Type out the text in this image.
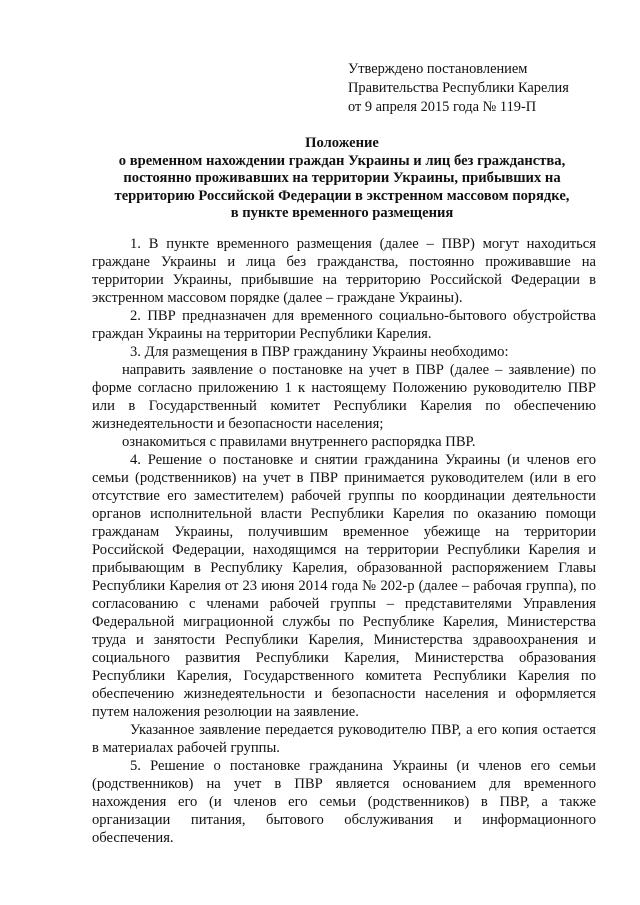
Утверждено постановлением
Правительства Республики Карелия
от 9 апреля 2015 года № 119-П
Положение
о временном нахождении граждан Украины и лиц без гражданства,
постоянно проживавших на территории Украины, прибывших на
территорию Российской Федерации в экстренном массовом порядке,
в пункте временного размещения

1. В пункте временного размещения (далее – ПВР) могут находиться граждане Украины и лица без гражданства, постоянно проживавшие на территории Украины, прибывшие на территорию Российской Федерации в экстренном массовом порядке (далее – граждане Украины).

2. ПВР предназначен для временного социально-бытового обустройства граждан Украины на территории Республики Карелия.

3. Для размещения в ПВР гражданину Украины необходимо:

направить заявление о постановке на учет в ПВР (далее – заявление) по форме согласно приложению 1 к настоящему Положению руководителю ПВР или в Государственный комитет Республики Карелия по обеспечению жизнедеятельности и безопасности населения;

ознакомиться с правилами внутреннего распорядка ПВР.

4. Решение о постановке и снятии гражданина Украины (и членов его семьи (родственников) на учет в ПВР принимается руководителем (или в его отсутствие его заместителем) рабочей группы по координации деятельности органов исполнительной власти Республики Карелия по оказанию помощи гражданам Украины, получившим временное убежище на территории Российской Федерации, находящимся на территории Республики Карелия и прибывающим в Республику Карелия, образованной распоряжением Главы Республики Карелия от 23 июня 2014 года № 202-р (далее – рабочая группа), по согласованию с членами рабочей группы – представителями Управления Федеральной миграционной службы по Республике Карелия, Министерства труда и занятости Республики Карелия, Министерства здравоохранения и социального развития Республики Карелия, Министерства образования Республики Карелия, Государственного комитета Республики Карелия по обеспечению жизнедеятельности и безопасности населения и оформляется путем наложения резолюции на заявление.

Указанное заявление передается руководителю ПВР, а его копия остается в материалах рабочей группы.

5. Решение о постановке гражданина Украины (и членов его семьи (родственников) на учет в ПВР является основанием для временного нахождения его (и членов его семьи (родственников) в ПВР, а также организации питания, бытового обслуживания и информационного обеспечения.
